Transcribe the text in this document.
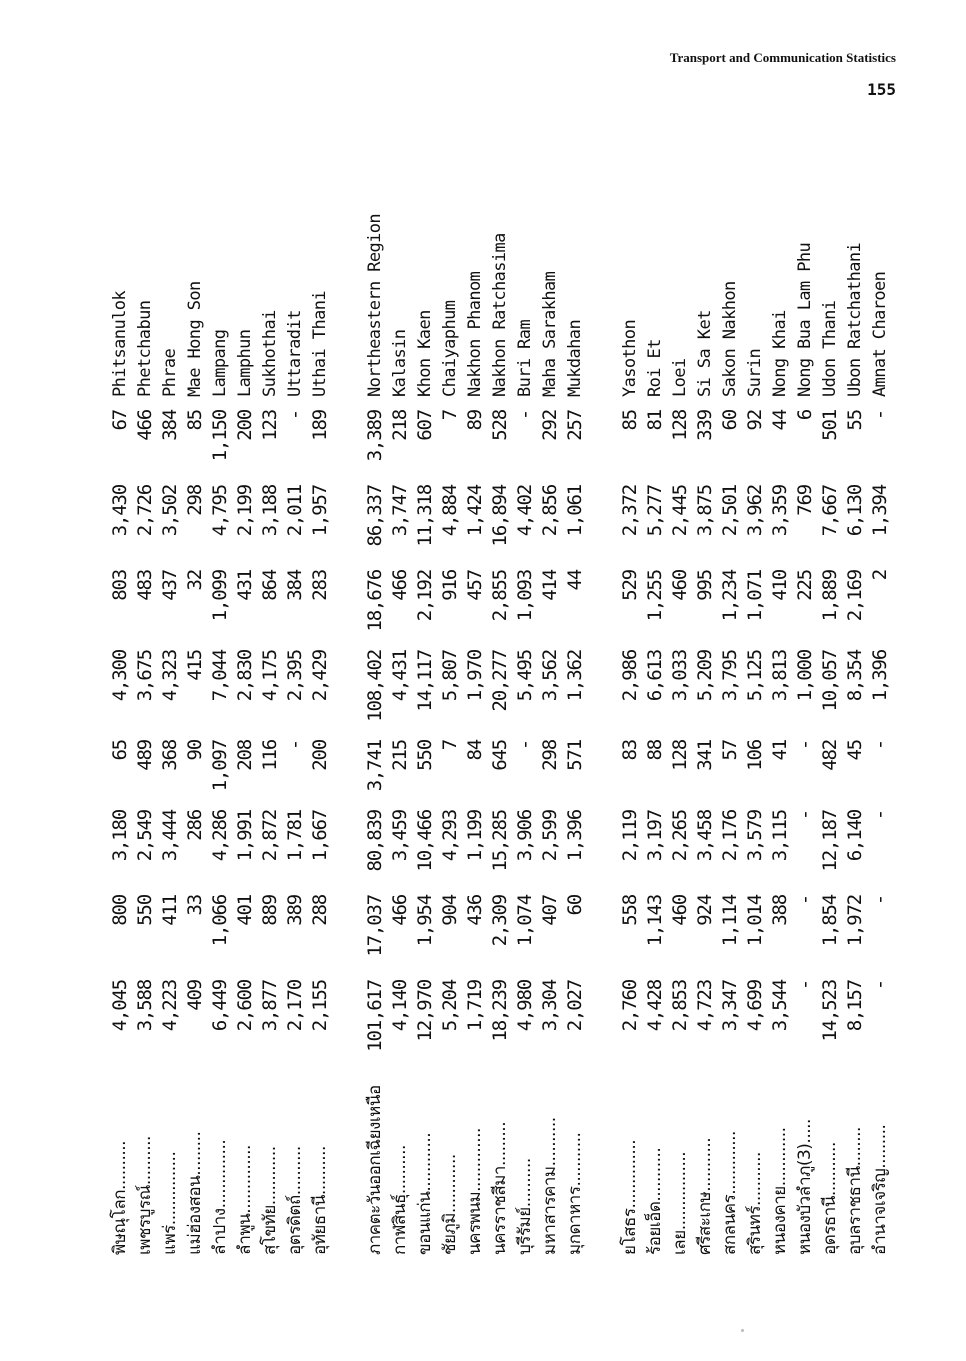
Transport and Communication Statistics
155
พิษณุโลก..........
4,045
800
3,180
65
4,300
803
3,430
67
Phitsanulok
เพชรบูรณ์..........
3,588
550
2,549
489
3,675
483
2,726
466
Phetchabun
แพร่...............
4,223
411
3,444
368
4,323
437
3,502
384
Phrae
แม่ฮ่องสอน.........
409
33
286
90
415
32
298
85
Mae Hong Son
ลำปาง..............
6,449
1,066
4,286
1,097
7,044
1,099
4,795
1,150
Lampang
ลำพูน..............
2,600
401
1,991
208
2,830
431
2,199
200
Lamphun
สุโขทัย............
3,877
889
2,872
116
4,175
864
3,188
123
Sukhothai
อุตรดิตถ์..........
2,170
389
1,781
-
2,395
384
2,011
-
Uttaradit
อุทัยธานี..........
2,155
288
1,667
200
2,429
283
1,957
189
Uthai Thani
ภาคตะวันออกเฉียงเหนือ
101,617
17,037
80,839
3,741
108,402
18,676
86,337
3,389
Northeastern Region
กาฬสินธุ์..........
4,140
466
3,459
215
4,431
466
3,747
218
Kalasin
ขอนแก่น............
12,970
1,954
10,466
550
14,117
2,192
11,318
607
Khon Kaen
ชัยภูมิ............
5,204
904
4,293
7
5,807
916
4,884
7
Chaiyaphum
นครพนม.............
1,719
436
1,199
84
1,970
457
1,424
89
Nakhon Phanom
นครราชสีมา.........
18,239
2,309
15,285
645
20,277
2,855
16,894
528
Nakhon Ratchasima
บุรีรัมย์..........
4,980
1,074
3,906
-
5,495
1,093
4,402
-
Buri Ram
มหาสารคาม..........
3,304
407
2,599
298
3,562
414
2,856
292
Maha Sarakham
มุกดาหาร...........
2,027
60
1,396
571
1,362
44
1,061
257
Mukdahan
ยโสธร..............
2,760
558
2,119
83
2,986
529
2,372
85
Yasothon
ร้อยเอ็ด...........
4,428
1,143
3,197
88
6,613
1,255
5,277
81
Roi Et
เลย................
2,853
460
2,265
128
3,033
460
2,445
128
Loei
ศรีสะเกษ...........
4,723
924
3,458
341
5,209
995
3,875
339
Si Sa Ket
สกลนคร.............
3,347
1,114
2,176
57
3,795
1,234
2,501
60
Sakon Nakhon
สุรินทร์...........
4,699
1,014
3,579
106
5,125
1,071
3,962
92
Surin
หนองคาย............
3,544
388
3,115
41
3,813
410
3,359
44
Nong Khai
หนองบัวลำภู(3).....
-
-
-
-
1,000
225
769
6
Nong Bua Lam Phu
อุดรธานี...........
14,523
1,854
12,187
482
10,057
1,889
7,667
501
Udon Thani
อุบลราชธานี........
8,157
1,972
6,140
45
8,354
2,169
6,130
55
Ubon Ratchathani
อำนาจเจริญ.........
-
-
-
-
1,396
2
1,394
-
Amnat Charoen
